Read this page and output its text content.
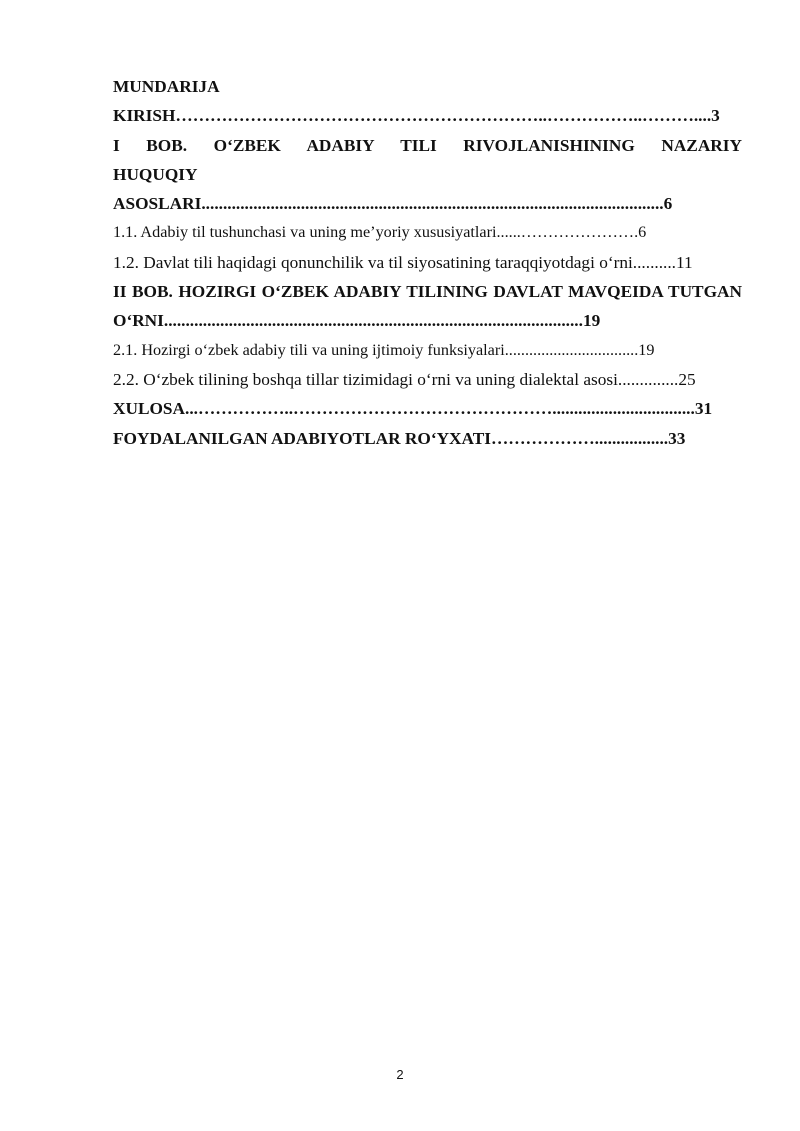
MUNDARIJA
KIRISH………………………………………………………..……………..………....3
I BOB. O‘ZBEK ADABIY TILI RIVOJLANISHINING NAZARIY
HUQUQIY
ASOSLARI...........................................................................................................6
1.1. Adabiy til tushunchasi va uning me’yoriy xususiyatlari......………………….6
1.2. Davlat tili haqidagi qonunchilik va til siyosatining taraqqiyotdagi o‘rni..........11
II BOB. HOZIRGI O‘ZBEK ADABIY TILINING DAVLAT MAVQEIDA TUTGAN O‘RNI.................................................................................................19
2.1. Hozirgi o‘zbek adabiy tili va uning ijtimoiy funksiyalari.................................19
2.2. O‘zbek tilining boshqa tillar tizimidagi o‘rni va uning dialektal asosi..............25
XULOSA...……………..……………………………………….................................31
FOYDALANILGAN ADABIYOTLAR RO‘YXATI……………….................33
2
